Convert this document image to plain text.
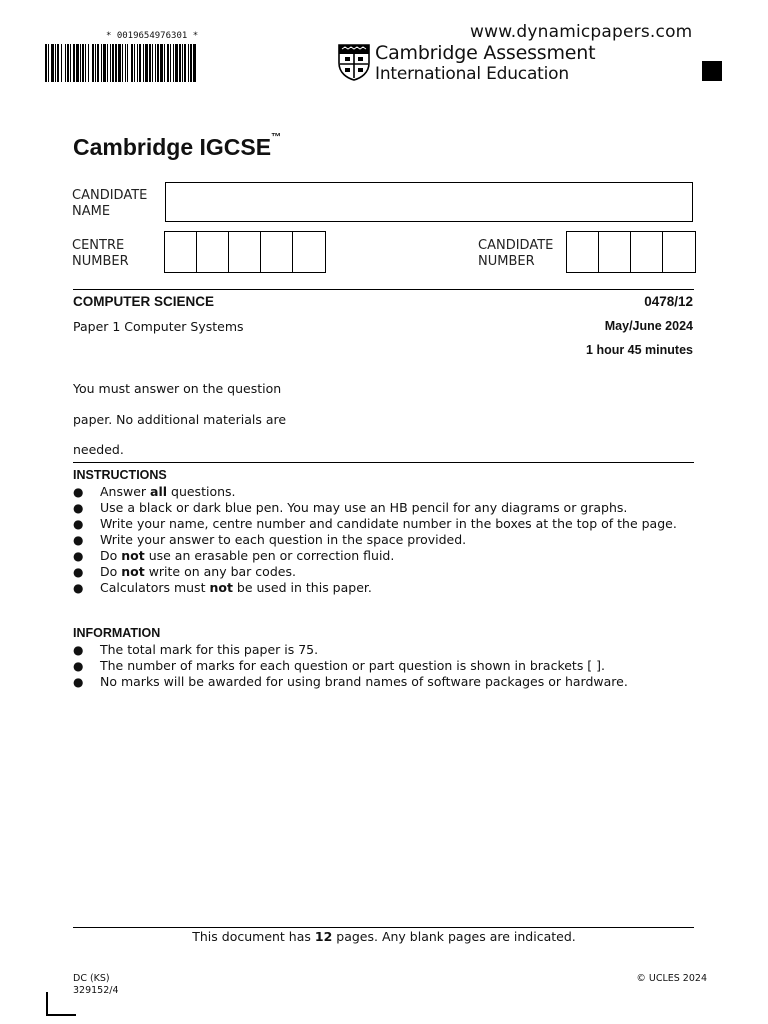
www.dynamicpapers.com
* 0019654976301 *
Cambridge Assessment
International Education
Cambridge IGCSE™
CANDIDATE
NAME
CENTRE
NUMBER
CANDIDATE
NUMBER
COMPUTER SCIENCE	0478/12
Paper 1 Computer Systems	May/June 2024
1 hour 45 minutes
You must answer on the question
paper. No additional materials are
needed.
INSTRUCTIONS
●	Answer all questions.
●	Use a black or dark blue pen. You may use an HB pencil for any diagrams or graphs.
●	Write your name, centre number and candidate number in the boxes at the top of the page.
●	Write your answer to each question in the space provided.
●	Do not use an erasable pen or correction fluid.
●	Do not write on any bar codes.
●	Calculators must not be used in this paper.
INFORMATION
●	The total mark for this paper is 75.
●	The number of marks for each question or part question is shown in brackets [ ].
●	No marks will be awarded for using brand names of software packages or hardware.
This document has 12 pages. Any blank pages are indicated.
DC (KS)
329152/4
© UCLES 2024
